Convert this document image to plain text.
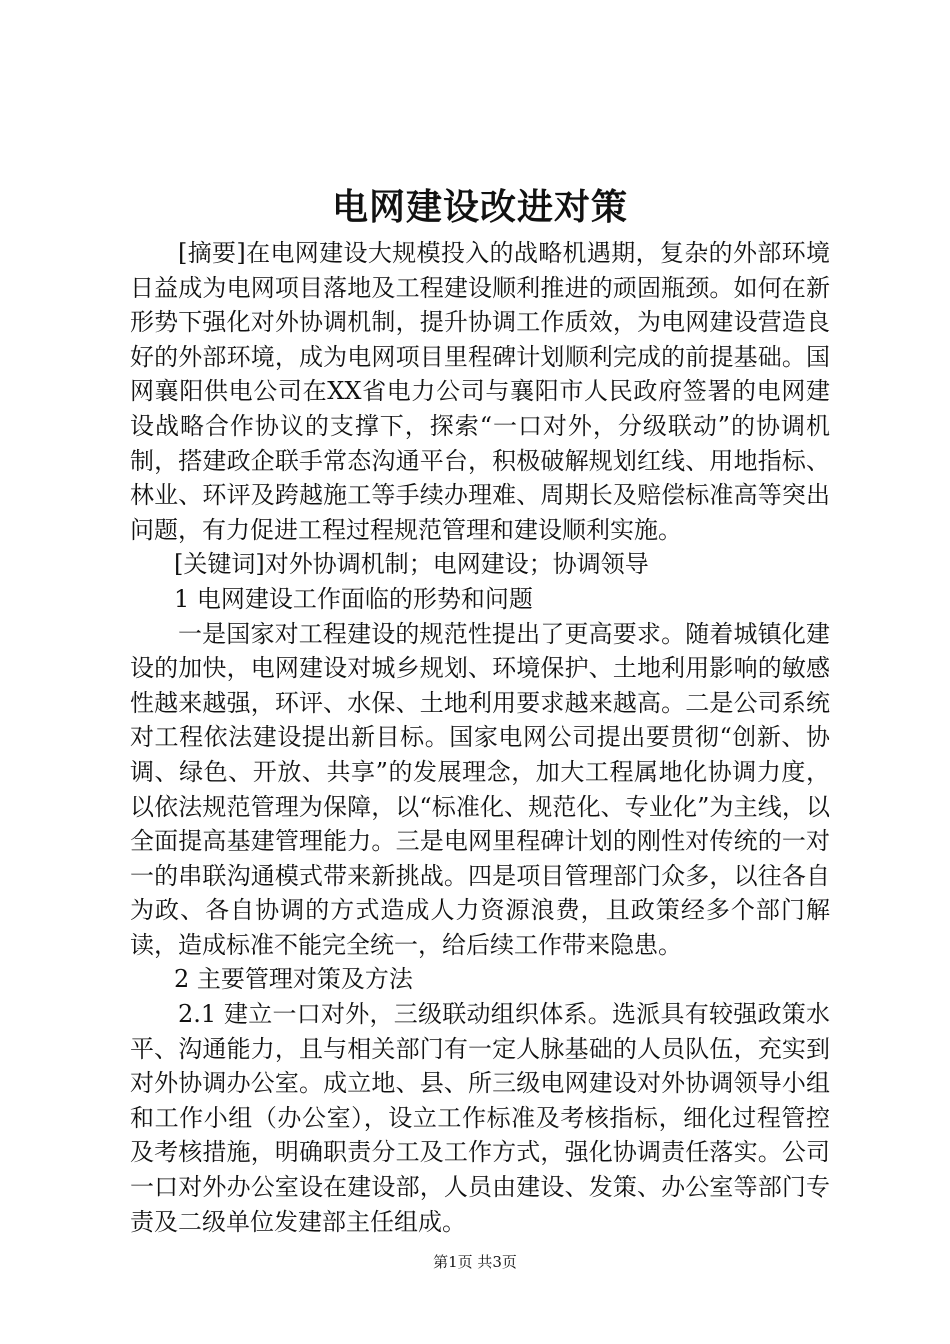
电网建设改进对策

[摘要]在电网建设大规模投入的战略机遇期，复杂的外部环境日益成为电网项目落地及工程建设顺利推进的顽固瓶颈。如何在新形势下强化对外协调机制，提升协调工作质效，为电网建设营造良好的外部环境，成为电网项目里程碑计划顺利完成的前提基础。国网襄阳供电公司在XX省电力公司与襄阳市人民政府签署的电网建设战略合作协议的支撑下，探索“一口对外，分级联动”的协调机制，搭建政企联手常态沟通平台，积极破解规划红线、用地指标、林业、环评及跨越施工等手续办理难、周期长及赔偿标准高等突出问题，有力促进工程过程规范管理和建设顺利实施。

[关键词]对外协调机制；电网建设；协调领导

1 电网建设工作面临的形势和问题

一是国家对工程建设的规范性提出了更高要求。随着城镇化建设的加快，电网建设对城乡规划、环境保护、土地利用影响的敏感性越来越强，环评、水保、土地利用要求越来越高。二是公司系统对工程依法建设提出新目标。国家电网公司提出要贯彻“创新、协调、绿色、开放、共享”的发展理念，加大工程属地化协调力度，以依法规范管理为保障，以“标准化、规范化、专业化”为主线，以全面提高基建管理能力。三是电网里程碑计划的刚性对传统的一对一的串联沟通模式带来新挑战。四是项目管理部门众多，以往各自为政、各自协调的方式造成人力资源浪费，且政策经多个部门解读，造成标准不能完全统一，给后续工作带来隐患。

2 主要管理对策及方法

2.1 建立一口对外，三级联动组织体系。选派具有较强政策水平、沟通能力，且与相关部门有一定人脉基础的人员队伍，充实到对外协调办公室。成立地、县、所三级电网建设对外协调领导小组和工作小组（办公室），设立工作标准及考核指标，细化过程管控及考核措施，明确职责分工及工作方式，强化协调责任落实。公司一口对外办公室设在建设部，人员由建设、发策、办公室等部门专责及二级单位发建部主任组成。

第1页 共3页
